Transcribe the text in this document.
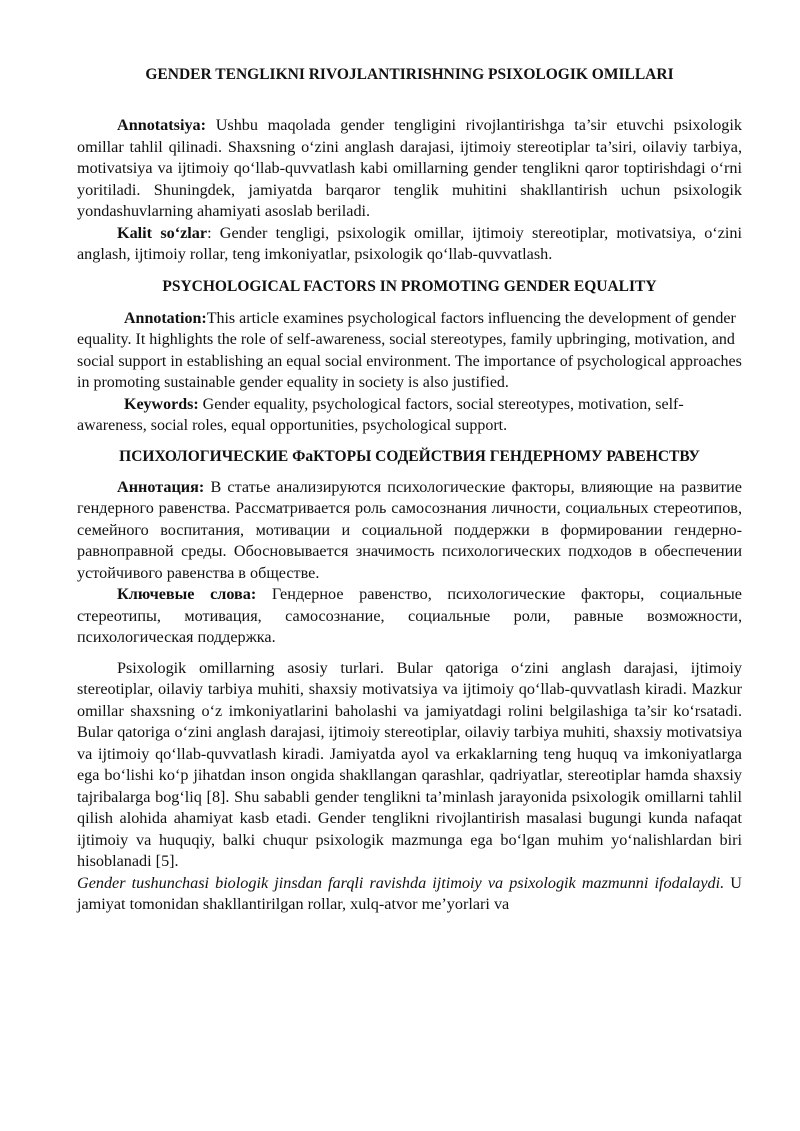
GENDER TENGLIKNI RIVOJLANTIRISHNING PSIXOLOGIK OMILLARI

Annotatsiya: Ushbu maqolada gender tengligini rivojlantirishga ta’sir etuvchi psixologik omillar tahlil qilinadi. Shaxsning o‘zini anglash darajasi, ijtimoiy stereotiplar ta’siri, oilaviy tarbiya, motivatsiya va ijtimoiy qo‘llab-quvvatlash kabi omillarning gender tenglikni qaror toptirishdagi o‘rni yoritiladi. Shuningdek, jamiyatda barqaror tenglik muhitini shakllantirish uchun psixologik yondashuvlarning ahamiyati asoslab beriladi.

Kalit so‘zlar: Gender tengligi, psixologik omillar, ijtimoiy stereotiplar, motivatsiya, o‘zini anglash, ijtimoiy rollar, teng imkoniyatlar, psixologik qo‘llab-quvvatlash.

PSYCHOLOGICAL FACTORS IN PROMOTING GENDER EQUALITY

Annotation:This article examines psychological factors influencing the development of gender equality. It highlights the role of self-awareness, social stereotypes, family upbringing, motivation, and social support in establishing an equal social environment. The importance of psychological approaches in promoting sustainable gender equality in society is also justified.

Keywords: Gender equality, psychological factors, social stereotypes, motivation, self-awareness, social roles, equal opportunities, psychological support.

ПСИХОЛОГИЧЕСКИЕ ФаКТОРЫ СОДЕЙСТВИЯ ГЕНДЕРНОМУ РАВЕНСТВУ

Аннотация: В статье анализируются психологические факторы, влияющие на развитие гендерного равенства. Рассматривается роль самосознания личности, социальных стереотипов, семейного воспитания, мотивации и социальной поддержки в формировании гендерно-равноправной среды. Обосновывается значимость психологических подходов в обеспечении устойчивого равенства в обществе.

Ключевые слова: Гендерное равенство, психологические факторы, социальные стереотипы, мотивация, самосознание, социальные роли, равные возможности, психологическая поддержка.

Psixologik omillarning asosiy turlari. Bular qatoriga o‘zini anglash darajasi, ijtimoiy stereotiplar, oilaviy tarbiya muhiti, shaxsiy motivatsiya va ijtimoiy qo‘llab-quvvatlash kiradi. Mazkur omillar shaxsning o‘z imkoniyatlarini baholashi va jamiyatdagi rolini belgilashiga ta’sir ko‘rsatadi. Bular qatoriga o‘zini anglash darajasi, ijtimoiy stereotiplar, oilaviy tarbiya muhiti, shaxsiy motivatsiya va ijtimoiy qo‘llab-quvvatlash kiradi. Jamiyatda ayol va erkaklarning teng huquq va imkoniyatlarga ega bo‘lishi ko‘p jihatdan inson ongida shakllangan qarashlar, qadriyatlar, stereotiplar hamda shaxsiy tajribalarga bog‘liq [8]. Shu sababli gender tenglikni ta’minlash jarayonida psixologik omillarni tahlil qilish alohida ahamiyat kasb etadi. Gender tenglikni rivojlantirish masalasi bugungi kunda nafaqat ijtimoiy va huquqiy, balki chuqur psixologik mazmunga ega bo‘lgan muhim yo‘nalishlardan biri hisoblanadi [5].

Gender tushunchasi biologik jinsdan farqli ravishda ijtimoiy va psixologik mazmunni ifodalaydi. U jamiyat tomonidan shakllantirilgan rollar, xulq-atvor me’yorlari va
